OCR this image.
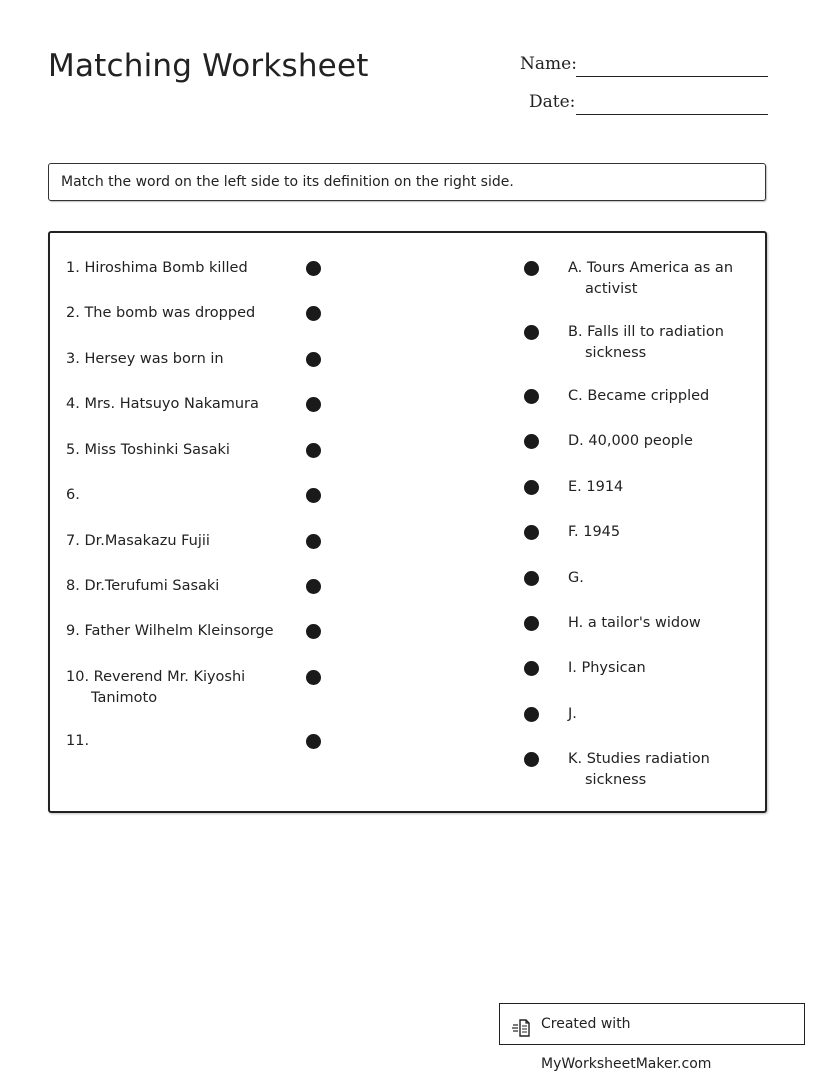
Matching Worksheet	Name:
Date:
Match the word on the left side to its definition on the right side.
1. Hiroshima Bomb killed
2. The bomb was dropped
3. Hersey was born in
4. Mrs. Hatsuyo Nakamura
5. Miss Toshinki Sasaki
6.
7. Dr.Masakazu Fujii
8. Dr.Terufumi Sasaki
9. Father Wilhelm Kleinsorge
10. Reverend Mr. Kiyoshi Tanimoto
11.
A. Tours America as an activist
B. Falls ill to radiation sickness
C. Became crippled
D. 40,000 people
E. 1914
F. 1945
G.
H. a tailor's widow
I. Physican
J.
K. Studies radiation sickness
Created with MyWorksheetMaker.com
